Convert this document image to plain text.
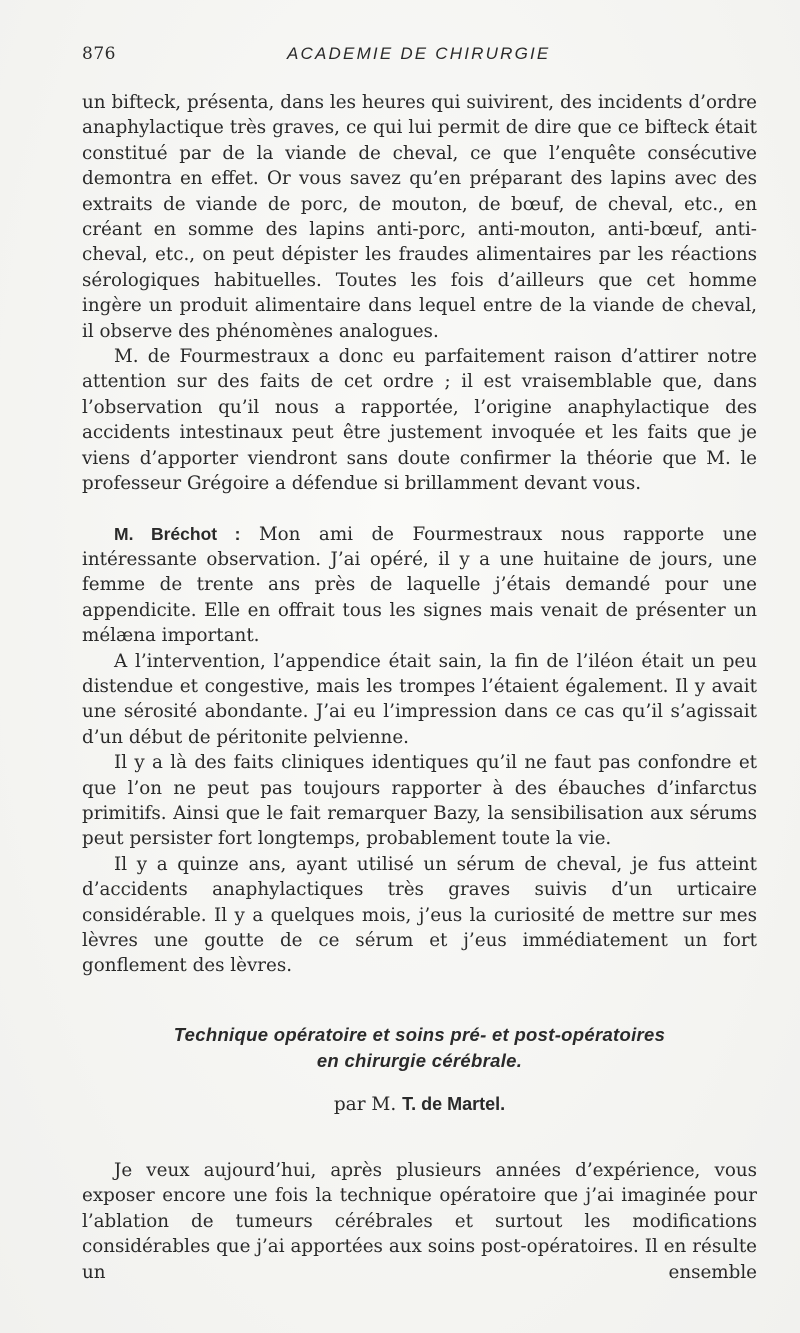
876	ACADEMIE DE CHIRURGIE

un bifteck, présenta, dans les heures qui suivirent, des incidents d’ordre anaphylactique très graves, ce qui lui permit de dire que ce bifteck était constitué par de la viande de cheval, ce que l’enquête consécutive demontra en effet. Or vous savez qu’en préparant des lapins avec des extraits de viande de porc, de mouton, de bœuf, de cheval, etc., en créant en somme des lapins anti-porc, anti-mouton, anti-bœuf, anti-cheval, etc., on peut dépister les fraudes alimentaires par les réactions sérologiques habituelles. Toutes les fois d’ailleurs que cet homme ingère un produit alimentaire dans lequel entre de la viande de cheval, il observe des phénomènes analogues.

M. de Fourmestraux a donc eu parfaitement raison d’attirer notre attention sur des faits de cet ordre ; il est vraisemblable que, dans l’observation qu’il nous a rapportée, l’origine anaphylactique des accidents intestinaux peut être justement invoquée et les faits que je viens d’apporter viendront sans doute confirmer la théorie que M. le professeur Grégoire a défendue si brillamment devant vous.

M. Bréchot : Mon ami de Fourmestraux nous rapporte une intéressante observation. J’ai opéré, il y a une huitaine de jours, une femme de trente ans près de laquelle j’étais demandé pour une appendicite. Elle en offrait tous les signes mais venait de présenter un mélæna important.

A l’intervention, l’appendice était sain, la fin de l’iléon était un peu distendue et congestive, mais les trompes l’étaient également. Il y avait une sérosité abondante. J’ai eu l’impression dans ce cas qu’il s’agissait d’un début de péritonite pelvienne.

Il y a là des faits cliniques identiques qu’il ne faut pas confondre et que l’on ne peut pas toujours rapporter à des ébauches d’infarctus primitifs. Ainsi que le fait remarquer Bazy, la sensibilisation aux sérums peut persister fort longtemps, probablement toute la vie.

Il y a quinze ans, ayant utilisé un sérum de cheval, je fus atteint d’accidents anaphylactiques très graves suivis d’un urticaire considérable. Il y a quelques mois, j’eus la curiosité de mettre sur mes lèvres une goutte de ce sérum et j’eus immédiatement un fort gonflement des lèvres.

Technique opératoire et soins pré- et post-opératoires
en chirurgie cérébrale.
par M. T. de Martel.

Je veux aujourd’hui, après plusieurs années d’expérience, vous exposer encore une fois la technique opératoire que j’ai imaginée pour l’ablation de tumeurs cérébrales et surtout les modifications considérables que j’ai apportées aux soins post-opératoires. Il en résulte un ensemble
